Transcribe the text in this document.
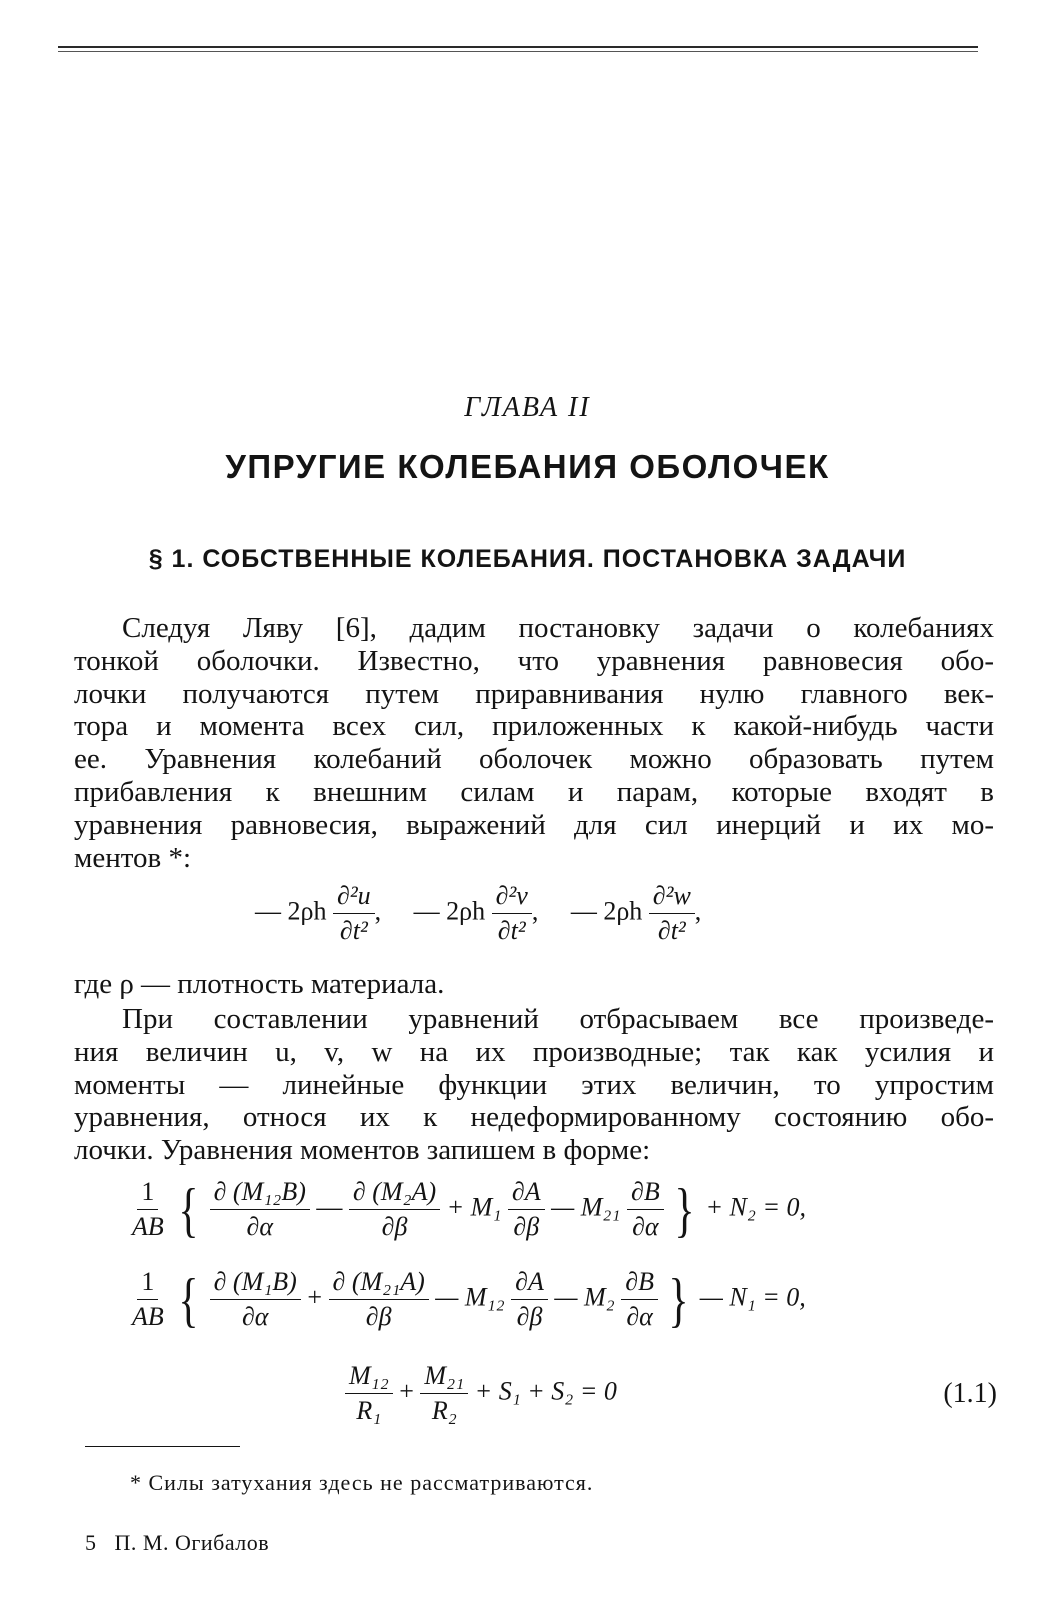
ГЛАВА II
УПРУГИЕ КОЛЕБАНИЯ ОБОЛОЧЕК
§ 1. СОБСТВЕННЫЕ КОЛЕБАНИЯ. ПОСТАНОВКА ЗАДАЧИ
Следуя Ляву [6], дадим постановку задачи о колебаниях
тонкой оболочки. Известно, что уравнения равновесия обо-
лочки получаются путем приравнивания нулю главного век-
тора и момента всех сил, приложенных к какой-нибудь части
ее. Уравнения колебаний оболочек можно образовать путем
прибавления к внешним силам и парам, которые входят в
уравнения равновесия, выражений для сил инерций и их мо-
ментов *:
— $2\rho h \frac{\text{∂²u}}{\text{∂t²}}$ , — $2\rho h \frac{\text{∂²v}}{\text{∂t²}}$ , — $2\rho h \frac{\text{∂²w}}{\text{∂t²}}$ ,
где ρ — плотность материала.
При составлении уравнений отбрасываем все произведе-
ния величин u, v, w на их производные; так как усилия и
моменты — линейные функции этих величин, то упростим
уравнения, относя их к недеформированному состоянию обо-
лочки. Уравнения моментов запишем в форме:
$\frac{1}{AB}$ { $\frac{\text{∂ (M₁₂B)}}{\partial\alpha}$ — $\frac{\text{∂ (M₂A)}}{\partial\beta} + M_1 \frac{\partial A}{\partial\beta}$ — $M_{21} \frac{\partial B}{\partial\alpha}$ } + N₂ = 0,
$\frac{1}{AB}$ { $\frac{\text{∂ (M₁B)}}{\partial\alpha} + \frac{\text{∂ (M₂₁A)}}{\partial\beta}$ — $M_{12} \frac{\partial A}{\partial\beta}$ — $M_2 \frac{\partial B}{\partial\alpha}$ } — N₁ = 0,
$\frac{\text{M₁₂}}{\text{R₁}} + \frac{\text{M₂₁}}{\text{R₂}} + S_1 + S_2 = 0$	(1.1)
* Силы затухания здесь не рассматриваются.
5   П. М. Огибалов
